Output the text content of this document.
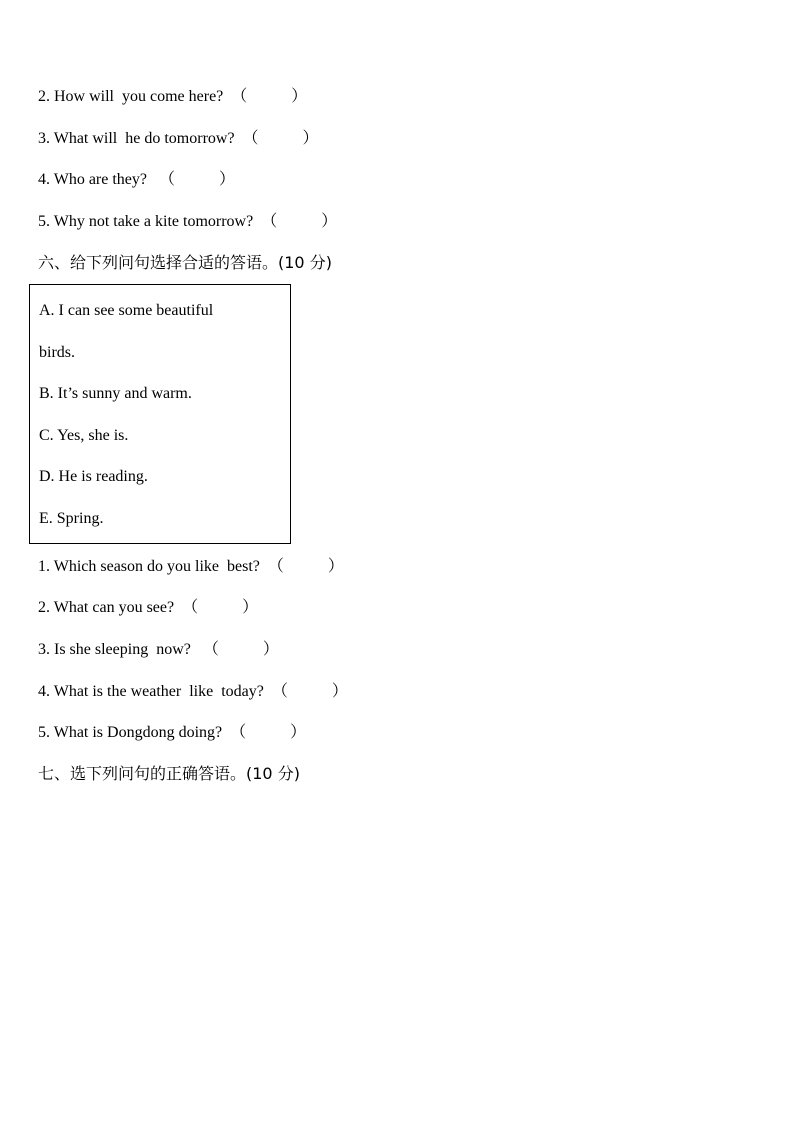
2. How will  you come here?  （           ）
3. What will  he do tomorrow?  （           ）
4. Who are they?   （           ）
5. Why not take a kite tomorrow?  （           ）
六、给下列问句选择合适的答语。(10 分)
A. I can see some beautiful
birds.
B. It’s sunny and warm.
C. Yes, she is.
D. He is reading.
E. Spring.
1. Which season do you like  best?  （           ）
2. What can you see?  （           ）
3. Is she sleeping  now?   （           ）
4. What is the weather  like  today?  （           ）
5. What is Dongdong doing?  （           ）
七、选下列问句的正确答语。(10 分)
